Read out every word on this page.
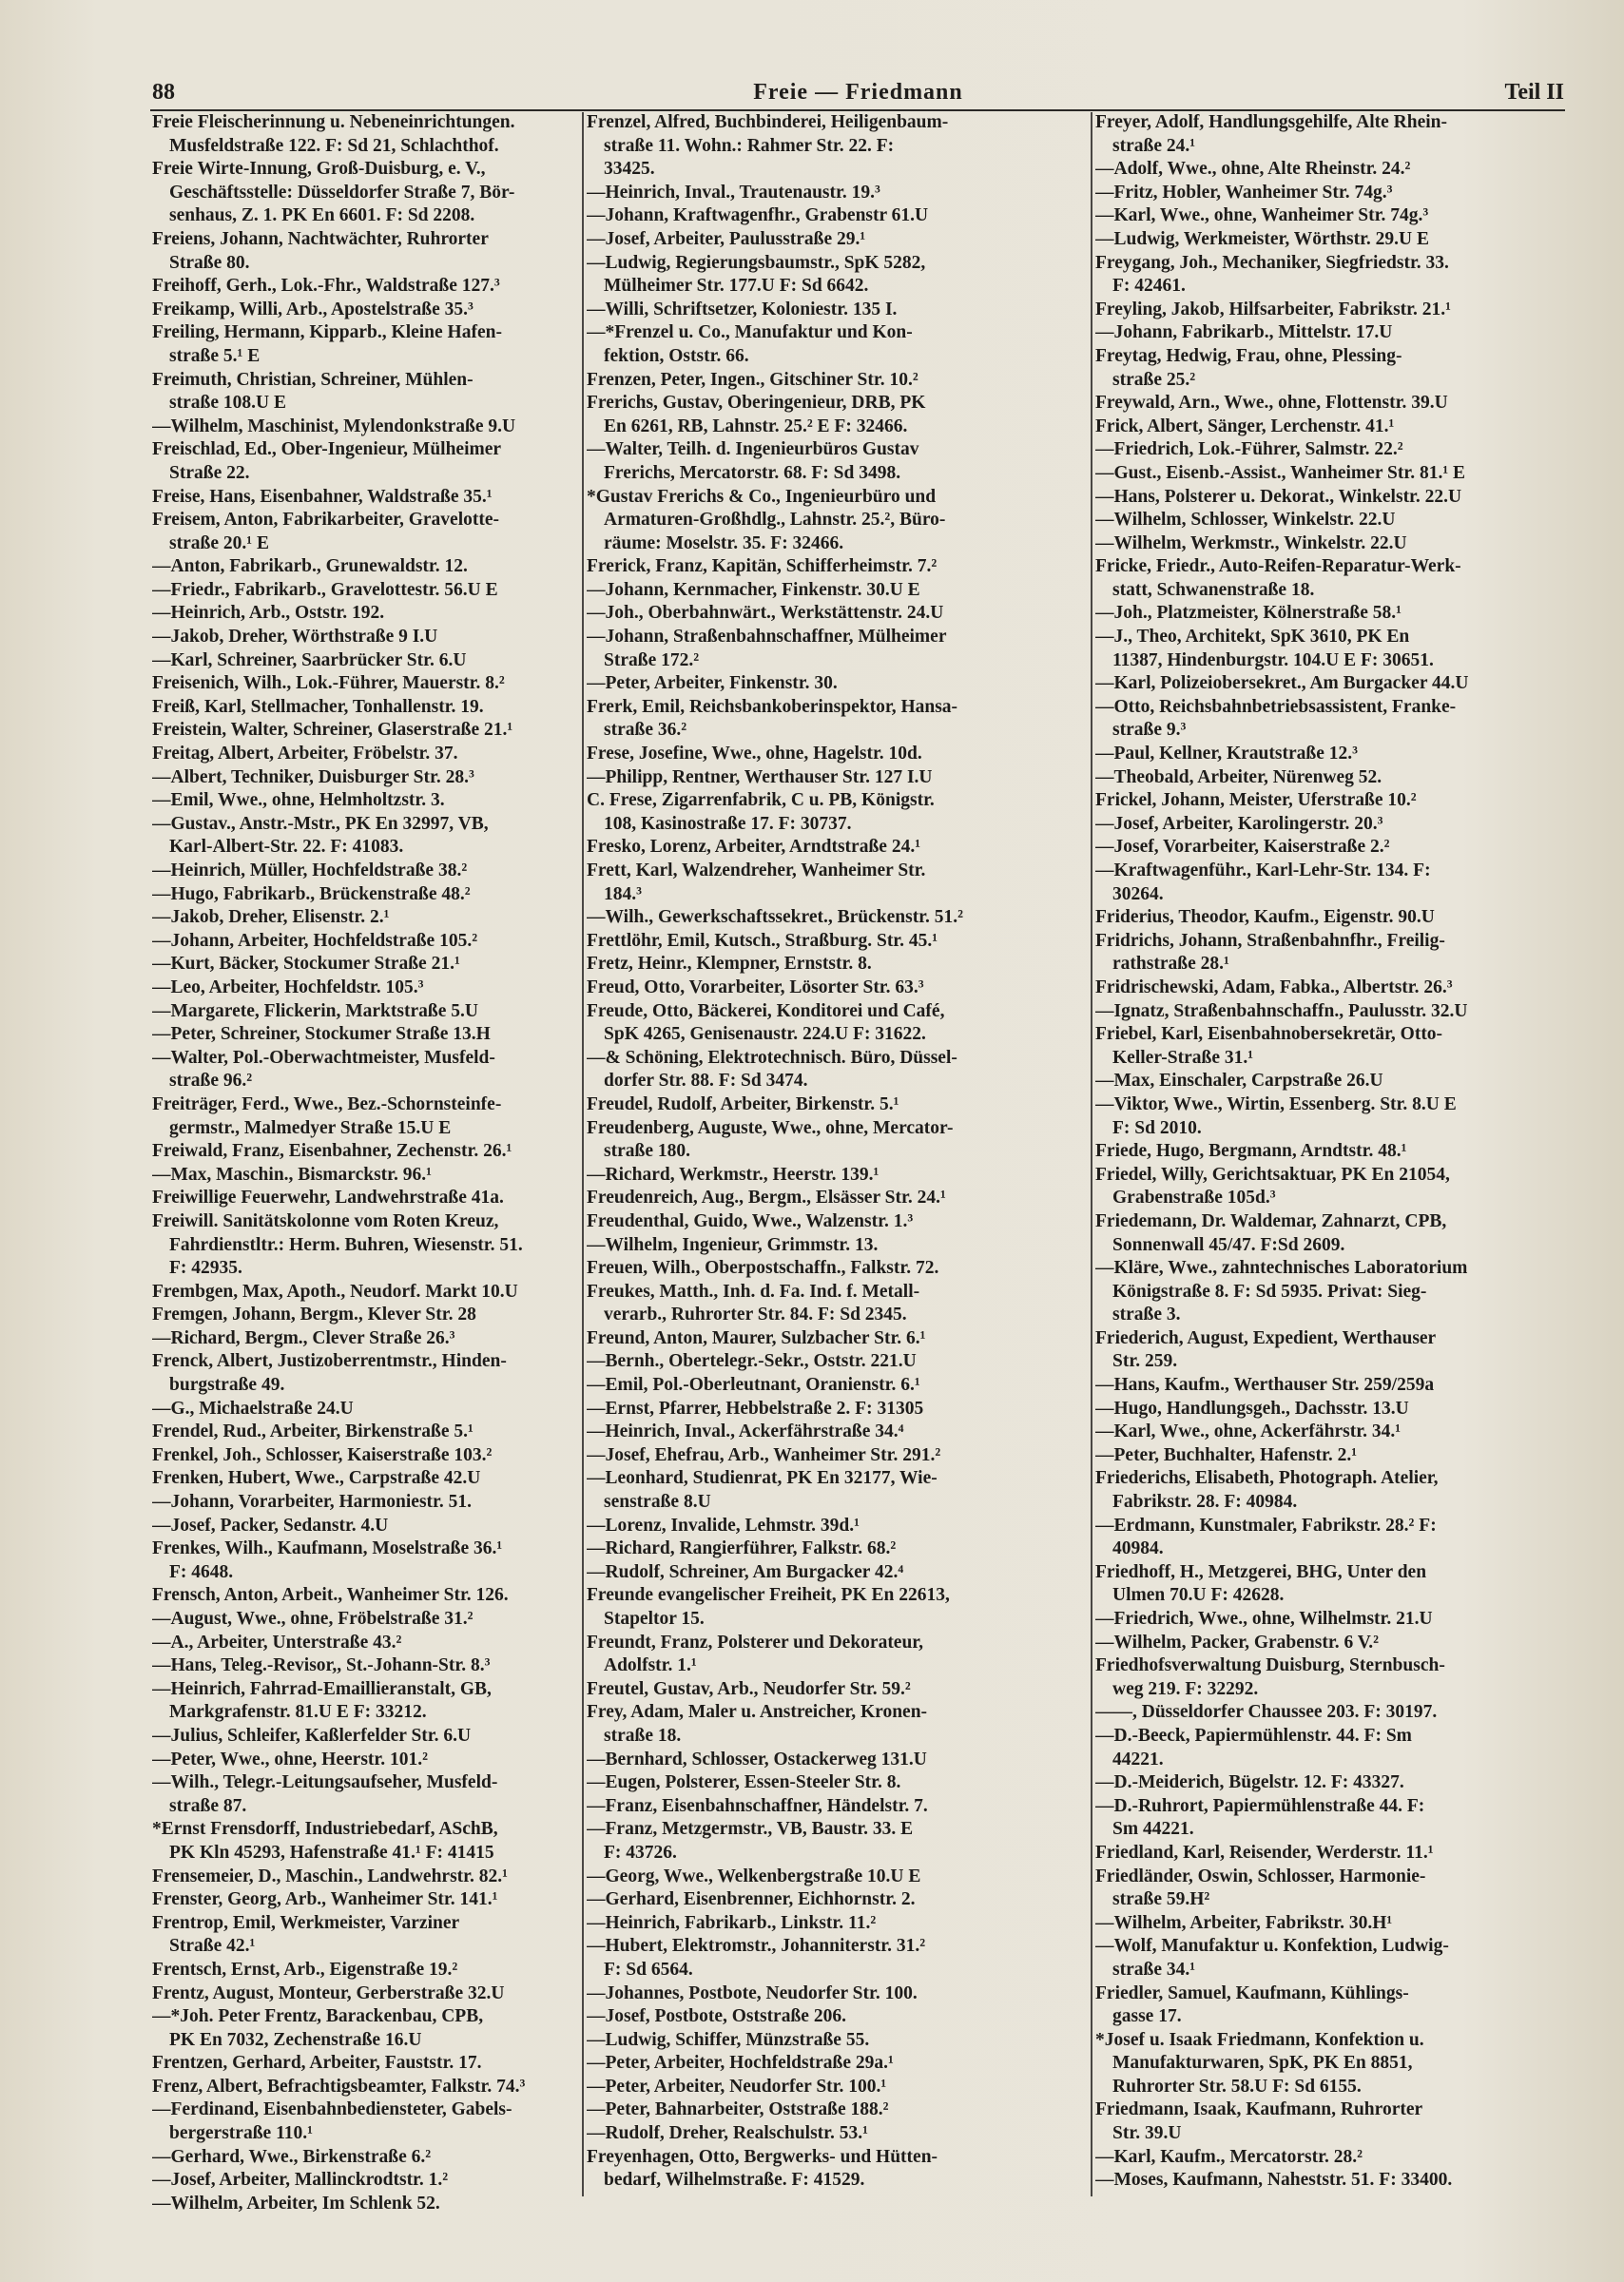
88	Freie — Friedmann	Teil II
Freie Fleischerinnung u. Nebeneinrichtungen.
Musfeldstraße 122. F: Sd 21, Schlachthof.
Freie Wirte-Innung, Groß-Duisburg, e. V.,
Geschäftsstelle: Düsseldorfer Straße 7, Bör-
senhaus, Z. 1. PK En 6601. F: Sd 2208.
Freiens, Johann, Nachtwächter, Ruhrorter
Straße 80.
Freihoff, Gerh., Lok.-Fhr., Waldstraße 127.³
Freikamp, Willi, Arb., Apostelstraße 35.³
Freiling, Hermann, Kipparb., Kleine Hafen-
straße 5.¹ E
Freimuth, Christian, Schreiner, Mühlen-
straße 108.U E
—Wilhelm, Maschinist, Mylendonkstraße 9.U
Freischlad, Ed., Ober-Ingenieur, Mülheimer
Straße 22.
Freise, Hans, Eisenbahner, Waldstraße 35.¹
Freisem, Anton, Fabrikarbeiter, Gravelotte-
straße 20.¹ E
—Anton, Fabrikarb., Grunewaldstr. 12.
—Friedr., Fabrikarb., Gravelottestr. 56.U E
—Heinrich, Arb., Oststr. 192.
—Jakob, Dreher, Wörthstraße 9 I.U
—Karl, Schreiner, Saarbrücker Str. 6.U
Freisenich, Wilh., Lok.-Führer, Mauerstr. 8.²
Freiß, Karl, Stellmacher, Tonhallenstr. 19.
Freistein, Walter, Schreiner, Glaserstraße 21.¹
Freitag, Albert, Arbeiter, Fröbelstr. 37.
—Albert, Techniker, Duisburger Str. 28.³
—Emil, Wwe., ohne, Helmholtzstr. 3.
—Gustav., Anstr.-Mstr., PK En 32997, VB,
Karl-Albert-Str. 22. F: 41083.
—Heinrich, Müller, Hochfeldstraße 38.²
—Hugo, Fabrikarb., Brückenstraße 48.²
—Jakob, Dreher, Elisenstr. 2.¹
—Johann, Arbeiter, Hochfeldstraße 105.²
—Kurt, Bäcker, Stockumer Straße 21.¹
—Leo, Arbeiter, Hochfeldstr. 105.³
—Margarete, Flickerin, Marktstraße 5.U
—Peter, Schreiner, Stockumer Straße 13.H
—Walter, Pol.-Oberwachtmeister, Musfeld-
straße 96.²
Freiträger, Ferd., Wwe., Bez.-Schornsteinfe-
germstr., Malmedyer Straße 15.U E
Freiwald, Franz, Eisenbahner, Zechenstr. 26.¹
—Max, Maschin., Bismarckstr. 96.¹
Freiwillige Feuerwehr, Landwehrstraße 41a.
Freiwill. Sanitätskolonne vom Roten Kreuz,
Fahrdienstltr.: Herm. Buhren, Wiesenstr. 51.
F: 42935.
Frembgen, Max, Apoth., Neudorf. Markt 10.U
Fremgen, Johann, Bergm., Klever Str. 28
—Richard, Bergm., Clever Straße 26.³
Frenck, Albert, Justizoberrentmstr., Hinden-
burgstraße 49.
—G., Michaelstraße 24.U
Frendel, Rud., Arbeiter, Birkenstraße 5.¹
Frenkel, Joh., Schlosser, Kaiserstraße 103.²
Frenken, Hubert, Wwe., Carpstraße 42.U
—Johann, Vorarbeiter, Harmoniestr. 51.
—Josef, Packer, Sedanstr. 4.U
Frenkes, Wilh., Kaufmann, Moselstraße 36.¹
F: 4648.
Frensch, Anton, Arbeit., Wanheimer Str. 126.
—August, Wwe., ohne, Fröbelstraße 31.²
—A., Arbeiter, Unterstraße 43.²
—Hans, Teleg.-Revisor,, St.-Johann-Str. 8.³
—Heinrich, Fahrrad-Emaillieranstalt, GB,
Markgrafenstr. 81.U E F: 33212.
—Julius, Schleifer, Kaßlerfelder Str. 6.U
—Peter, Wwe., ohne, Heerstr. 101.²
—Wilh., Telegr.-Leitungsaufseher, Musfeld-
straße 87.
*Ernst Frensdorff, Industriebedarf, ASchB,
PK Kln 45293, Hafenstraße 41.¹ F: 41415
Frensemeier, D., Maschin., Landwehrstr. 82.¹
Frenster, Georg, Arb., Wanheimer Str. 141.¹
Frentrop, Emil, Werkmeister, Varziner
Straße 42.¹
Frentsch, Ernst, Arb., Eigenstraße 19.²
Frentz, August, Monteur, Gerberstraße 32.U
—*Joh. Peter Frentz, Barackenbau, CPB,
PK En 7032, Zechenstraße 16.U
Frentzen, Gerhard, Arbeiter, Fauststr. 17.
Frenz, Albert, Befrachtigsbeamter, Falkstr. 74.³
—Ferdinand, Eisenbahnbediensteter, Gabels-
bergerstraße 110.¹
—Gerhard, Wwe., Birkenstraße 6.²
—Josef, Arbeiter, Mallinckrodtstr. 1.²
—Wilhelm, Arbeiter, Im Schlenk 52.
Frenzel, Alfred, Buchbinderei, Heiligenbaum-
straße 11. Wohn.: Rahmer Str. 22. F:
33425.
—Heinrich, Inval., Trautenaustr. 19.³
—Johann, Kraftwagenfhr., Grabenstr 61.U
—Josef, Arbeiter, Paulusstraße 29.¹
—Ludwig, Regierungsbaumstr., SpK 5282,
Mülheimer Str. 177.U F: Sd 6642.
—Willi, Schriftsetzer, Koloniestr. 135 I.
—*Frenzel u. Co., Manufaktur und Kon-
fektion, Oststr. 66.
Frenzen, Peter, Ingen., Gitschiner Str. 10.²
Frerichs, Gustav, Oberingenieur, DRB, PK
En 6261, RB, Lahnstr. 25.² E F: 32466.
—Walter, Teilh. d. Ingenieurbüros Gustav
Frerichs, Mercatorstr. 68. F: Sd 3498.
*Gustav Frerichs & Co., Ingenieurbüro und
Armaturen-Großhdlg., Lahnstr. 25.², Büro-
räume: Moselstr. 35. F: 32466.
Frerick, Franz, Kapitän, Schifferheimstr. 7.²
—Johann, Kernmacher, Finkenstr. 30.U E
—Joh., Oberbahnwärt., Werkstättenstr. 24.U
—Johann, Straßenbahnschaffner, Mülheimer
Straße 172.²
—Peter, Arbeiter, Finkenstr. 30.
Frerk, Emil, Reichsbankoberinspektor, Hansa-
straße 36.²
Frese, Josefine, Wwe., ohne, Hagelstr. 10d.
—Philipp, Rentner, Werthauser Str. 127 I.U
C. Frese, Zigarrenfabrik, C u. PB, Königstr.
108, Kasinostraße 17. F: 30737.
Fresko, Lorenz, Arbeiter, Arndtstraße 24.¹
Frett, Karl, Walzendreher, Wanheimer Str.
184.³
—Wilh., Gewerkschaftssekret., Brückenstr. 51.²
Frettlöhr, Emil, Kutsch., Straßburg. Str. 45.¹
Fretz, Heinr., Klempner, Ernststr. 8.
Freud, Otto, Vorarbeiter, Lösorter Str. 63.³
Freude, Otto, Bäckerei, Konditorei und Café,
SpK 4265, Genisenaustr. 224.U F: 31622.
—& Schöning, Elektrotechnisch. Büro, Düssel-
dorfer Str. 88. F: Sd 3474.
Freudel, Rudolf, Arbeiter, Birkenstr. 5.¹
Freudenberg, Auguste, Wwe., ohne, Mercator-
straße 180.
—Richard, Werkmstr., Heerstr. 139.¹
Freudenreich, Aug., Bergm., Elsässer Str. 24.¹
Freudenthal, Guido, Wwe., Walzenstr. 1.³
—Wilhelm, Ingenieur, Grimmstr. 13.
Freuen, Wilh., Oberpostschaffn., Falkstr. 72.
Freukes, Matth., Inh. d. Fa. Ind. f. Metall-
verarb., Ruhrorter Str. 84. F: Sd 2345.
Freund, Anton, Maurer, Sulzbacher Str. 6.¹
—Bernh., Obertelegr.-Sekr., Oststr. 221.U
—Emil, Pol.-Oberleutnant, Oranienstr. 6.¹
—Ernst, Pfarrer, Hebbelstraße 2. F: 31305
—Heinrich, Inval., Ackerfährstraße 34.⁴
—Josef, Ehefrau, Arb., Wanheimer Str. 291.²
—Leonhard, Studienrat, PK En 32177, Wie-
senstraße 8.U
—Lorenz, Invalide, Lehmstr. 39d.¹
—Richard, Rangierführer, Falkstr. 68.²
—Rudolf, Schreiner, Am Burgacker 42.⁴
Freunde evangelischer Freiheit, PK En 22613,
Stapeltor 15.
Freundt, Franz, Polsterer und Dekorateur,
Adolfstr. 1.¹
Freutel, Gustav, Arb., Neudorfer Str. 59.²
Frey, Adam, Maler u. Anstreicher, Kronen-
straße 18.
—Bernhard, Schlosser, Ostackerweg 131.U
—Eugen, Polsterer, Essen-Steeler Str. 8.
—Franz, Eisenbahnschaffner, Händelstr. 7.
—Franz, Metzgermstr., VB, Baustr. 33. E
F: 43726.
—Georg, Wwe., Welkenbergstraße 10.U E
—Gerhard, Eisenbrenner, Eichhornstr. 2.
—Heinrich, Fabrikarb., Linkstr. 11.²
—Hubert, Elektromstr., Johanniterstr. 31.²
F: Sd 6564.
—Johannes, Postbote, Neudorfer Str. 100.
—Josef, Postbote, Oststraße 206.
—Ludwig, Schiffer, Münzstraße 55.
—Peter, Arbeiter, Hochfeldstraße 29a.¹
—Peter, Arbeiter, Neudorfer Str. 100.¹
—Peter, Bahnarbeiter, Oststraße 188.²
—Rudolf, Dreher, Realschulstr. 53.¹
Freyenhagen, Otto, Bergwerks- und Hütten-
bedarf, Wilhelmstraße. F: 41529.
Freyer, Adolf, Handlungsgehilfe, Alte Rhein-
straße 24.¹
—Adolf, Wwe., ohne, Alte Rheinstr. 24.²
—Fritz, Hobler, Wanheimer Str. 74g.³
—Karl, Wwe., ohne, Wanheimer Str. 74g.³
—Ludwig, Werkmeister, Wörthstr. 29.U E
Freygang, Joh., Mechaniker, Siegfriedstr. 33.
F: 42461.
Freyling, Jakob, Hilfsarbeiter, Fabrikstr. 21.¹
—Johann, Fabrikarb., Mittelstr. 17.U
Freytag, Hedwig, Frau, ohne, Plessing-
straße 25.²
Freywald, Arn., Wwe., ohne, Flottenstr. 39.U
Frick, Albert, Sänger, Lerchenstr. 41.¹
—Friedrich, Lok.-Führer, Salmstr. 22.²
—Gust., Eisenb.-Assist., Wanheimer Str. 81.¹ E
—Hans, Polsterer u. Dekorat., Winkelstr. 22.U
—Wilhelm, Schlosser, Winkelstr. 22.U
—Wilhelm, Werkmstr., Winkelstr. 22.U
Fricke, Friedr., Auto-Reifen-Reparatur-Werk-
statt, Schwanenstraße 18.
—Joh., Platzmeister, Kölnerstraße 58.¹
—J., Theo, Architekt, SpK 3610, PK En
11387, Hindenburgstr. 104.U E F: 30651.
—Karl, Polizeiobersekret., Am Burgacker 44.U
—Otto, Reichsbahnbetriebsassistent, Franke-
straße 9.³
—Paul, Kellner, Krautstraße 12.³
—Theobald, Arbeiter, Nürenweg 52.
Frickel, Johann, Meister, Uferstraße 10.²
—Josef, Arbeiter, Karolingerstr. 20.³
—Josef, Vorarbeiter, Kaiserstraße 2.²
—Kraftwagenführ., Karl-Lehr-Str. 134. F:
30264.
Friderius, Theodor, Kaufm., Eigenstr. 90.U
Fridrichs, Johann, Straßenbahnfhr., Freilig-
rathstraße 28.¹
Fridrischewski, Adam, Fabka., Albertstr. 26.³
—Ignatz, Straßenbahnschaffn., Paulusstr. 32.U
Friebel, Karl, Eisenbahnobersekretär, Otto-
Keller-Straße 31.¹
—Max, Einschaler, Carpstraße 26.U
—Viktor, Wwe., Wirtin, Essenberg. Str. 8.U E
F: Sd 2010.
Friede, Hugo, Bergmann, Arndtstr. 48.¹
Friedel, Willy, Gerichtsaktuar, PK En 21054,
Grabenstraße 105d.³
Friedemann, Dr. Waldemar, Zahnarzt, CPB,
Sonnenwall 45/47. F:Sd 2609.
—Kläre, Wwe., zahntechnisches Laboratorium
Königstraße 8. F: Sd 5935. Privat: Sieg-
straße 3.
Friederich, August, Expedient, Werthauser
Str. 259.
—Hans, Kaufm., Werthauser Str. 259/259a
—Hugo, Handlungsgeh., Dachsstr. 13.U
—Karl, Wwe., ohne, Ackerfährstr. 34.¹
—Peter, Buchhalter, Hafenstr. 2.¹
Friederichs, Elisabeth, Photograph. Atelier,
Fabrikstr. 28. F: 40984.
—Erdmann, Kunstmaler, Fabrikstr. 28.² F:
40984.
Friedhoff, H., Metzgerei, BHG, Unter den
Ulmen 70.U F: 42628.
—Friedrich, Wwe., ohne, Wilhelmstr. 21.U
—Wilhelm, Packer, Grabenstr. 6 V.²
Friedhofsverwaltung Duisburg, Sternbusch-
weg 219. F: 32292.
——, Düsseldorfer Chaussee 203. F: 30197.
—D.-Beeck, Papiermühlenstr. 44. F: Sm
44221.
—D.-Meiderich, Bügelstr. 12. F: 43327.
—D.-Ruhrort, Papiermühlenstraße 44. F:
Sm 44221.
Friedland, Karl, Reisender, Werderstr. 11.¹
Friedländer, Oswin, Schlosser, Harmonie-
straße 59.H²
—Wilhelm, Arbeiter, Fabrikstr. 30.H¹
—Wolf, Manufaktur u. Konfektion, Ludwig-
straße 34.¹
Friedler, Samuel, Kaufmann, Kühlings-
gasse 17.
*Josef u. Isaak Friedmann, Konfektion u.
Manufakturwaren, SpK, PK En 8851,
Ruhrorter Str. 58.U F: Sd 6155.
Friedmann, Isaak, Kaufmann, Ruhrorter
Str. 39.U
—Karl, Kaufm., Mercatorstr. 28.²
—Moses, Kaufmann, Naheststr. 51. F: 33400.
